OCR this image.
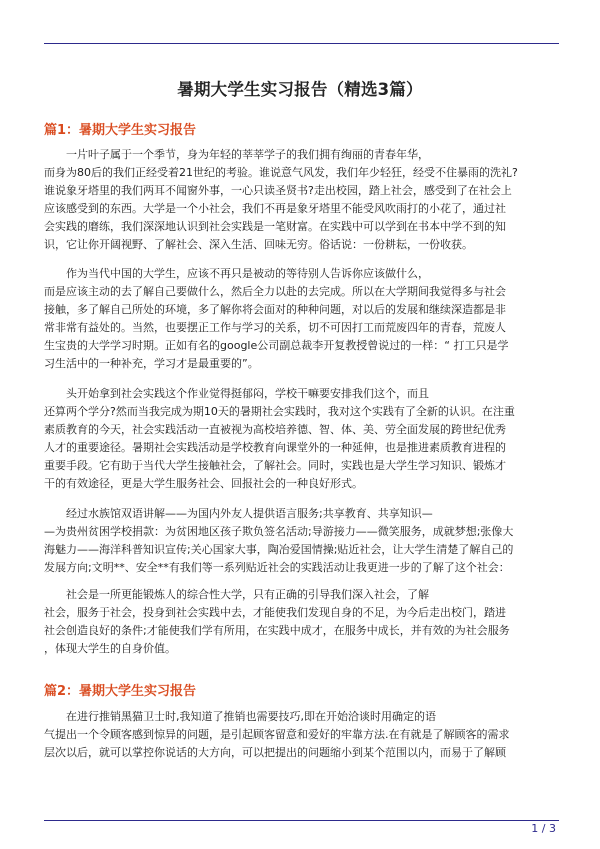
暑期大学生实习报告（精选3篇）
篇1：暑期大学生实习报告
一片叶子属于一个季节，身为年轻的莘莘学子的我们拥有绚丽的青春年华，
而身为80后的我们正经受着21世纪的考验。谁说意气风发，我们年少轻狂，经受不住暴雨的洗礼?
谁说象牙塔里的我们两耳不闻窗外事，一心只读圣贤书?走出校园，踏上社会，感受到了在社会上
应该感受到的东西。大学是一个小社会，我们不再是象牙塔里不能受风吹雨打的小花了，通过社
会实践的磨练，我们深深地认识到社会实践是一笔财富。在实践中可以学到在书本中学不到的知
识，它让你开阔视野、了解社会、深入生活、回味无穷。俗话说：一份耕耘，一份收获。
作为当代中国的大学生，应该不再只是被动的等待别人告诉你应该做什么，
而是应该主动的去了解自己要做什么，然后全力以赴的去完成。所以在大学期间我觉得多与社会
接触，多了解自己所处的环境，多了解你将会面对的种种问题，对以后的发展和继续深造都是非
常非常有益处的。当然，也要摆正工作与学习的关系，切不可因打工而荒废四年的青春，荒废人
生宝贵的大学学习时期。正如有名的google公司副总裁李开复教授曾说过的一样：“ 打工只是学
习生活中的一种补充，学习才是最重要的”。
头开始拿到社会实践这个作业觉得挺郁闷，学校干嘛要安排我们这个，而且
还算两个学分?然而当我完成为期10天的暑期社会实践时，我对这个实践有了全新的认识。在注重
素质教育的今天，社会实践活动一直被视为高校培养德、智、体、美、劳全面发展的跨世纪优秀
人才的重要途径。暑期社会实践活动是学校教育向课堂外的一种延伸，也是推进素质教育进程的
重要手段。它有助于当代大学生接触社会，了解社会。同时，实践也是大学生学习知识、锻炼才
干的有效途径，更是大学生服务社会、回报社会的一种良好形式。
经过水族馆双语讲解——为国内外友人提供语言服务;共享教育、共享知识—
—为贵州贫困学校捐款：为贫困地区孩子欺负签名活动;导游接力——微笑服务，成就梦想;张像大
海魅力——海洋科普知识宣传;关心国家大事，陶冶爱国情操;贴近社会，让大学生清楚了解自己的
发展方向;文明**、安全**有我们等一系列贴近社会的实践活动让我更进一步的了解了这个社会：
社会是一所更能锻炼人的综合性大学，只有正确的引导我们深入社会，了解
社会，服务于社会，投身到社会实践中去，才能使我们发现自身的不足，为今后走出校门，踏进
社会创造良好的条件;才能使我们学有所用，在实践中成才，在服务中成长，并有效的为社会服务
，体现大学生的自身价值。
篇2：暑期大学生实习报告
在进行推销黑猫卫士时,我知道了推销也需要技巧,即在开始洽谈时用确定的语
气提出一个令顾客感到惊异的问题，是引起顾客留意和爱好的牢靠方法.在有就是了解顾客的需求
层次以后，就可以掌控你说话的大方向，可以把提出的问题缩小到某个范围以内，而易于了解顾
1 / 3
